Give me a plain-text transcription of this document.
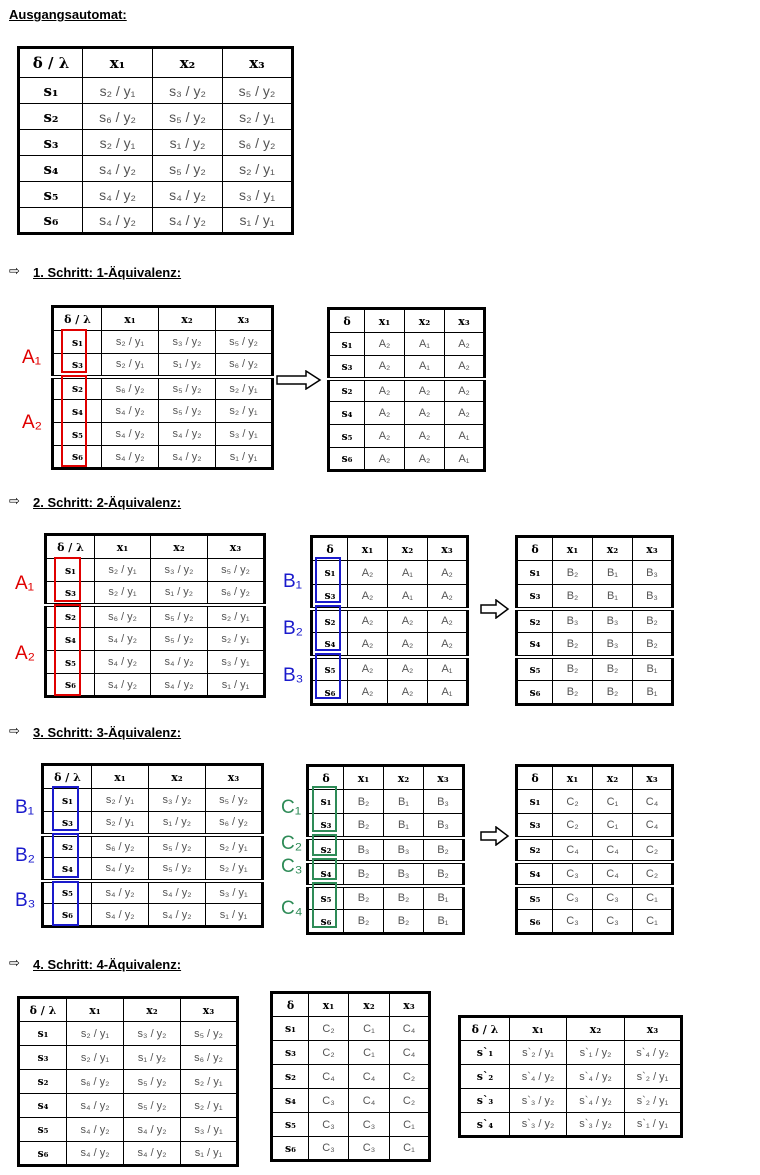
Ausgangsautomat:
δ / λ	x₁	x₂	x₃
s₁	s₂ / y₁	s₃ / y₂	s₅ / y₂
s₂	s₆ / y₂	s₅ / y₂	s₂ / y₁
s₃	s₂ / y₁	s₁ / y₂	s₆ / y₂
s₄	s₄ / y₂	s₅ / y₂	s₂ / y₁
s₅	s₄ / y₂	s₄ / y₂	s₃ / y₁
s₆	s₄ / y₂	s₄ / y₂	s₁ / y₁
⇨ 1. Schritt: 1-Äquivalenz:
δ / λ	x₁	x₂	x₃
s₁	s₂ / y₁	s₃ / y₂	s₅ / y₂
s₃	s₂ / y₁	s₁ / y₂	s₆ / y₂
s₂	s₆ / y₂	s₅ / y₂	s₂ / y₁
s₄	s₄ / y₂	s₅ / y₂	s₂ / y₁
s₅	s₄ / y₂	s₄ / y₂	s₃ / y₁
s₆	s₄ / y₂	s₄ / y₂	s₁ / y₁
A₁
A₂
δ	x₁	x₂	x₃
s₁	A₂	A₁	A₂
s₃	A₂	A₁	A₂
s₂	A₂	A₂	A₂
s₄	A₂	A₂	A₂
s₅	A₂	A₂	A₁
s₆	A₂	A₂	A₁
⇨ 2. Schritt: 2-Äquivalenz:
δ / λ	x₁	x₂	x₃
s₁	s₂ / y₁	s₃ / y₂	s₅ / y₂
s₃	s₂ / y₁	s₁ / y₂	s₆ / y₂
s₂	s₆ / y₂	s₅ / y₂	s₂ / y₁
s₄	s₄ / y₂	s₅ / y₂	s₂ / y₁
s₅	s₄ / y₂	s₄ / y₂	s₃ / y₁
s₆	s₄ / y₂	s₄ / y₂	s₁ / y₁
A₁
A₂
δ	x₁	x₂	x₃
s₁	A₂	A₁	A₂
s₃	A₂	A₁	A₂
s₂	A₂	A₂	A₂
s₄	A₂	A₂	A₂
s₅	A₂	A₂	A₁
s₆	A₂	A₂	A₁
B₁
B₂
B₃
δ	x₁	x₂	x₃
s₁	B₂	B₁	B₃
s₃	B₂	B₁	B₃
s₂	B₃	B₃	B₂
s₄	B₂	B₃	B₂
s₅	B₂	B₂	B₁
s₆	B₂	B₂	B₁
⇨ 3. Schritt: 3-Äquivalenz:
δ / λ	x₁	x₂	x₃
s₁	s₂ / y₁	s₃ / y₂	s₅ / y₂
s₃	s₂ / y₁	s₁ / y₂	s₆ / y₂
s₂	s₆ / y₂	s₅ / y₂	s₂ / y₁
s₄	s₄ / y₂	s₅ / y₂	s₂ / y₁
s₅	s₄ / y₂	s₄ / y₂	s₃ / y₁
s₆	s₄ / y₂	s₄ / y₂	s₁ / y₁
B₁
B₂
B₃
δ	x₁	x₂	x₃
s₁	B₂	B₁	B₃
s₃	B₂	B₁	B₃
s₂	B₃	B₃	B₂
s₄	B₂	B₃	B₂
s₅	B₂	B₂	B₁
s₆	B₂	B₂	B₁
C₁
C₂
C₃
C₄
δ	x₁	x₂	x₃
s₁	C₂	C₁	C₄
s₃	C₂	C₁	C₄
s₂	C₄	C₄	C₂
s₄	C₃	C₄	C₂
s₅	C₃	C₃	C₁
s₆	C₃	C₃	C₁
⇨ 4. Schritt: 4-Äquivalenz:
δ / λ	x₁	x₂	x₃
s₁	s₂ / y₁	s₃ / y₂	s₅ / y₂
s₃	s₂ / y₁	s₁ / y₂	s₆ / y₂
s₂	s₆ / y₂	s₅ / y₂	s₂ / y₁
s₄	s₄ / y₂	s₅ / y₂	s₂ / y₁
s₅	s₄ / y₂	s₄ / y₂	s₃ / y₁
s₆	s₄ / y₂	s₄ / y₂	s₁ / y₁
δ	x₁	x₂	x₃
s₁	C₂	C₁	C₄
s₃	C₂	C₁	C₄
s₂	C₄	C₄	C₂
s₄	C₃	C₄	C₂
s₅	C₃	C₃	C₁
s₆	C₃	C₃	C₁
δ / λ	x₁	x₂	x₃
s`₁	s`₂ / y₁	s`₁ / y₂	s`₄ / y₂
s`₂	s`₄ / y₂	s`₄ / y₂	s`₂ / y₁
s`₃	s`₃ / y₂	s`₄ / y₂	s`₂ / y₁
s`₄	s`₃ / y₂	s`₃ / y₂	s`₁ / y₁
